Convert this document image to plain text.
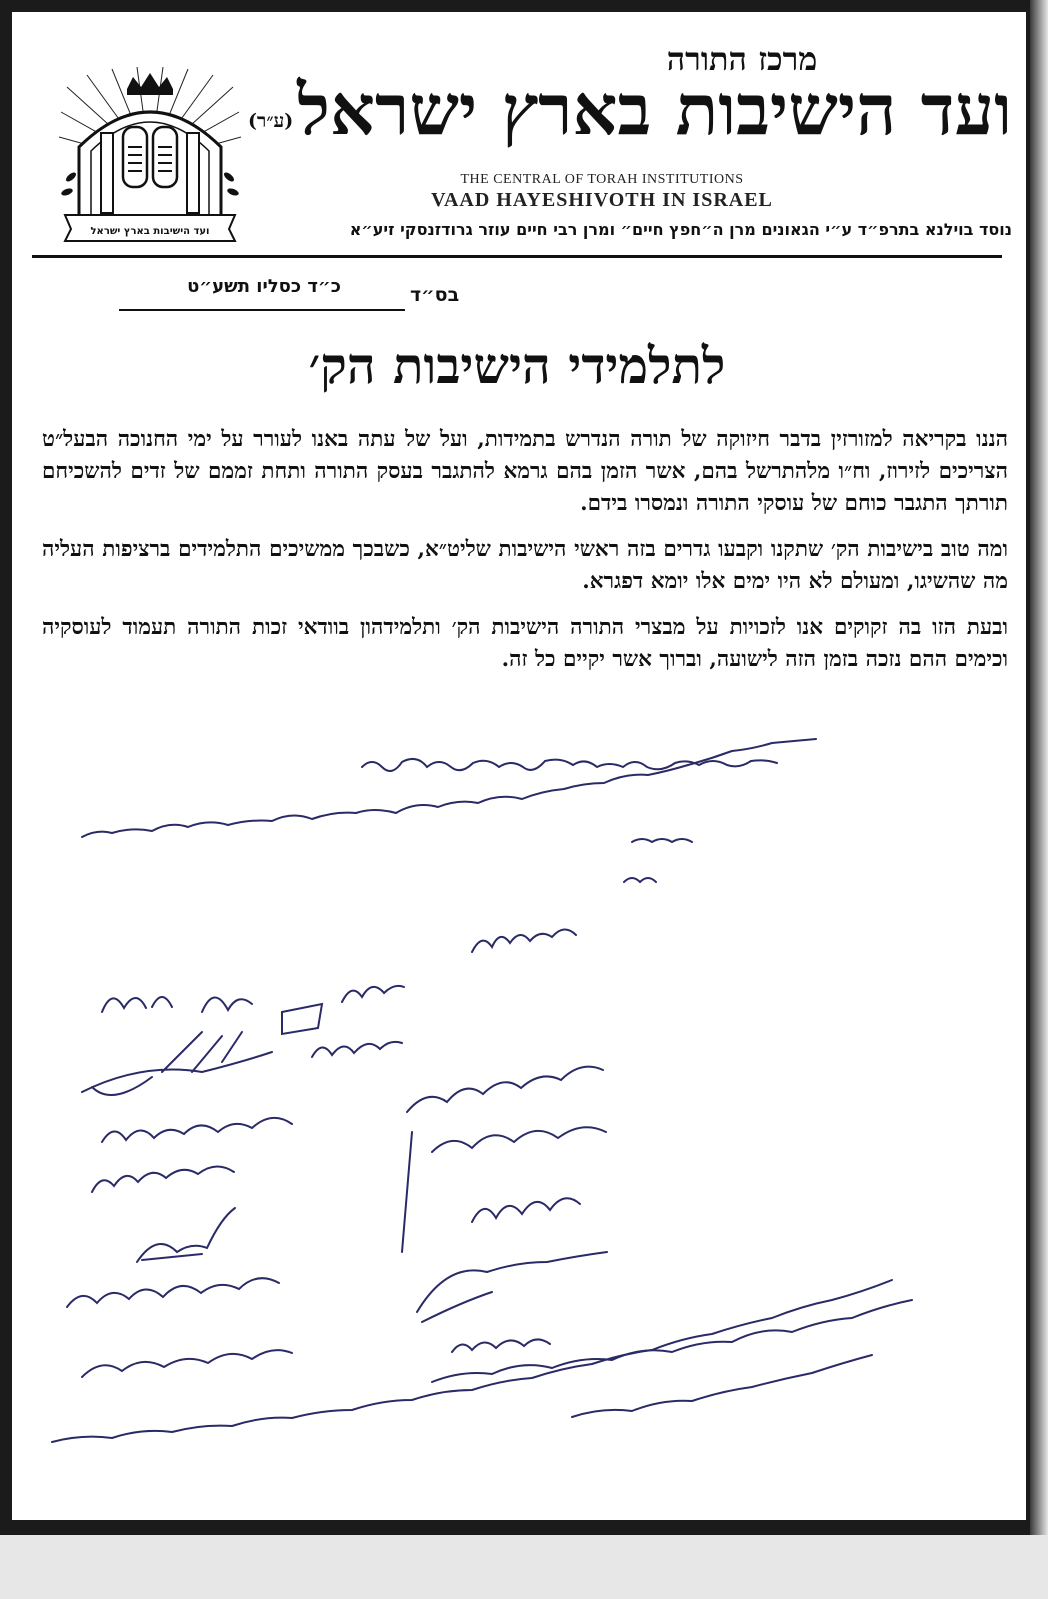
ועד הישיבות בארץ ישראל
מרכז התורה
ועד הישיבות בארץ ישראל
(ע״ר)
THE CENTRAL OF TORAH INSTITUTIONS
VAAD HAYESHIVOTH IN ISRAEL
נוסד בוילנא בתרפ״ד ע״י הגאונים מרן ה״חפץ חיים״ ומרן רבי חיים עוזר גרודזנסקי זיע״א
בס״ד
כ״ד כסליו תשע״ט
לתלמידי הישיבות הק׳

הננו בקריאה למזורזין בדבר חיזוקה של תורה הנדרש בתמידות, ועל של עתה באנו לעורר על ימי החנוכה הבעל״ט הצריכים לזירוז, וח״ו מלהתרשל בהם, אשר הזמן בהם גרמא להתגבר בעסק התורה ותחת זממם של זדים להשכיחם תורתך התגבר כוחם של עוסקי התורה ונמסרו בידם.

ומה טוב בישיבות הק׳ שתקנו וקבעו גדרים בזה ראשי הישיבות שליט״א, כשבכך ממשיכים התלמידים ברציפות העליה מה שהשיגו, ומעולם לא היו ימים אלו יומא דפגרא.

ובעת הזו בה זקוקים אנו לזכויות על מבצרי התורה הישיבות הק׳ ותלמידהון בוודאי זכות התורה תעמוד לעוסקיה וכימים ההם נזכה בזמן הזה לישועה, וברוך אשר יקיים כל זה.
